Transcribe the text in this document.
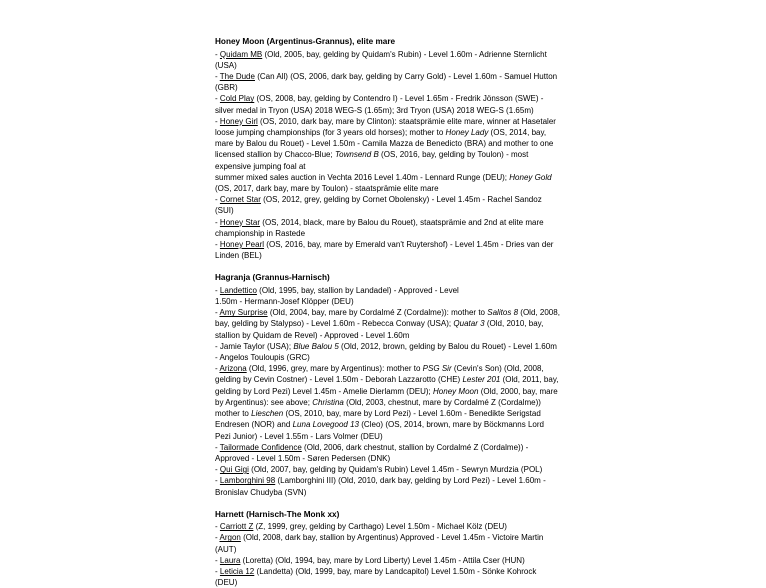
Honey Moon (Argentinus-Grannus), elite mare

- Quidam MB (Old, 2005, bay, gelding by Quidam's Rubin) - Level 1.60m - Adrienne Sternlicht (USA)

- The Dude (Can All) (OS, 2006, dark bay, gelding by Carry Gold) - Level 1.60m - Samuel Hutton (GBR)

- Cold Play (OS, 2008, bay, gelding by Contendro I) - Level 1.65m - Fredrik Jönsson (SWE) - silver medal in Tryon (USA) 2018 WEG-S (1.65m); 3rd Tryon (USA) 2018 WEG-S (1.65m)

- Honey Girl (OS, 2010, dark bay, mare by Clinton): staatsprämie elite mare, winner at Hasetaler loose jumping championships (for 3 years old horses); mother to Honey Lady (OS, 2014, bay, mare by Balou du Rouet) - Level 1.50m - Camila Mazza de Benedicto (BRA) and mother to one licensed stallion by Chacco-Blue; Townsend B (OS, 2016, bay, gelding by Toulon) - most expensive jumping foal at

summer mixed sales auction in Vechta 2016 Level 1.40m - Lennard Runge (DEU); Honey Gold (OS, 2017, dark bay, mare by Toulon) - staatsprämie elite mare

- Cornet Star (OS, 2012, grey, gelding by Cornet Obolensky) - Level 1.45m - Rachel Sandoz (SUI)

- Honey Star (OS, 2014, black, mare by Balou du Rouet), staatsprämie and 2nd at elite mare championship in Rastede

- Honey Pearl (OS, 2016, bay, mare by Emerald van't Ruytershof) - Level 1.45m - Dries van der Linden (BEL)

Hagranja (Grannus-Harnisch)

- Landettico (Old, 1995, bay, stallion by Landadel) - Approved - Level

1.50m - Hermann-Josef Klöpper (DEU)

- Amy Surprise (Old, 2004, bay, mare by Cordalmé Z (Cordalme)): mother to Salitos 8 (Old, 2008, bay, gelding by Stalypso) - Level 1.60m - Rebecca Conway (USA); Quatar 3 (Old, 2010, bay, stallion by Quidam de Revel) - Approved - Level 1.60m

- Jamie Taylor (USA); Blue Balou 5 (Old, 2012, brown, gelding by Balou du Rouet) - Level 1.60m - Angelos Touloupis (GRC)

- Arizona (Old, 1996, grey, mare by Argentinus): mother to PSG Sir (Cevin's Son) (Old, 2008, gelding by Cevin Costner) - Level 1.50m - Deborah Lazzarotto (CHE) Lester 201 (Old, 2011, bay, gelding by Lord Pezi) Level 1.45m - Amelie Dierlamm (DEU); Honey Moon (Old, 2000, bay, mare by Argentinus): see above; Christina (Old, 2003, chestnut, mare by Cordalmé Z (Cordalme)) mother to Lieschen (OS, 2010, bay, mare by Lord Pezi) - Level 1.60m - Benedikte Serigstad Endresen (NOR) and Luna Lovegood 13 (Cleo) (OS, 2014, brown, mare by Böckmanns Lord Pezi Junior) - Level 1.55m - Lars Volmer (DEU)

- Tailormade Confidence (Old, 2006, dark chestnut, stallion by Cordalmé Z (Cordalme)) - Approved - Level 1.50m - Søren Pedersen (DNK)

- Qui Gigi (Old, 2007, bay, gelding by Quidam's Rubin) Level 1.45m - Sewryn Murdzia (POL)

- Lamborghini 98 (Lamborghini III) (Old, 2010, dark bay, gelding by Lord Pezi) - Level 1.60m - Bronislav Chudyba (SVN)

Harnett (Harnisch-The Monk xx)

- Carriott Z (Z, 1999, grey, gelding by Carthago) Level 1.50m - Michael Kölz (DEU)

- Argon (Old, 2008, dark bay, stallion by Argentinus) Approved - Level 1.45m - Victoire Martin (AUT)

- Laura (Loretta) (Old, 1994, bay, mare by Lord Liberty) Level 1.45m - Attila Cser (HUN)

- Leticia 12 (Landetta) (Old, 1999, bay, mare by Landcapitol) Level 1.50m - Sönke Kohrock (DEU)
